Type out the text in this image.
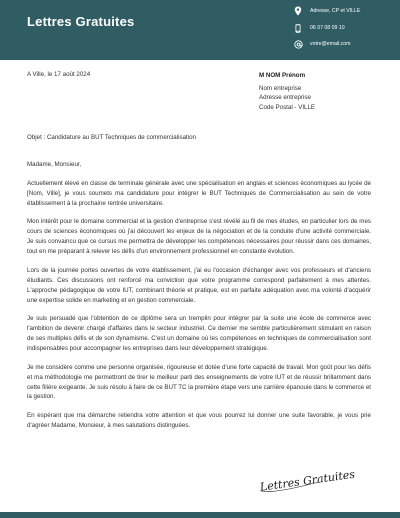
Lettres Gratuites
Adresse, CP et VILLE
06 07 08 09 10
votre@email.com
A Ville, le 17 août 2024	M NOM Prénom
Nom entreprise
Adresse entreprise
Code Postal - VILLE
Objet : Candidature au BUT Techniques de commercialisation

Madame, Monsieur,

Actuellement élevé en classe de terminale générale avec une spécialisation en anglais et sciences économiques au lycée de [Nom, Ville], je vous soumets ma candidature pour intégrer le BUT Techniques de Commercialisation au sein de votre établissement à la prochaine rentrée universitaire.

Mon intérêt pour le domaine commercial et la gestion d'entreprise s'est révélé au fil de mes études, en particulier lors de mes cours de sciences économiques où j'ai découvert les enjeux de la négociation et de la conduite d'une activité commerciale. Je suis convaincu que ce cursus me permettra de développer les compétences nécessaires pour réussir dans ces domaines, tout en me préparant à relever les défis d'un environnement professionnel en constante évolution.

Lors de la journée portes ouvertes de votre établissement, j'ai eu l'occasion d'échanger avec vos professeurs et d'anciens étudiants. Ces discussions ont renforcé ma conviction que votre programme correspond parfaitement à mes attentes. L'approche pédagogique de votre IUT, combinant théorie et pratique, est en parfaite adéquation avec ma volonté d'acquérir une expertise solide en marketing et en gestion commerciale.

Je suis persuadé que l'obtention de ce diplôme sera un tremplin pour intégrer par la suite une école de commerce avec l'ambition de devenir chargé d'affaires dans le secteur industriel. Ce dernier me semble particulièrement stimulant en raison de ses multiples défis et de son dynamisme. C'est un domaine où les compétences en techniques de commercialisation sont indispensables pour accompagner les entreprises dans leur développement stratégique.

Je me considère comme une personne organisée, rigoureuse et dotée d'une forte capacité de travail. Mon goût pour les défis et ma méthodologie me permettront de tirer le meilleur parti des enseignements de votre IUT et de réussir brillamment dans cette filière exigeante. Je suis résolu à faire de ce BUT TC la première étape vers une carrière épanouie dans le commerce et la gestion.

En espérant que ma démarche retiendra votre attention et que vous pourrez lui donner une suite favorable, je vous prie d'agréer Madame, Monsieur, à mes salutations distinguées.

Lettres Gratuites
